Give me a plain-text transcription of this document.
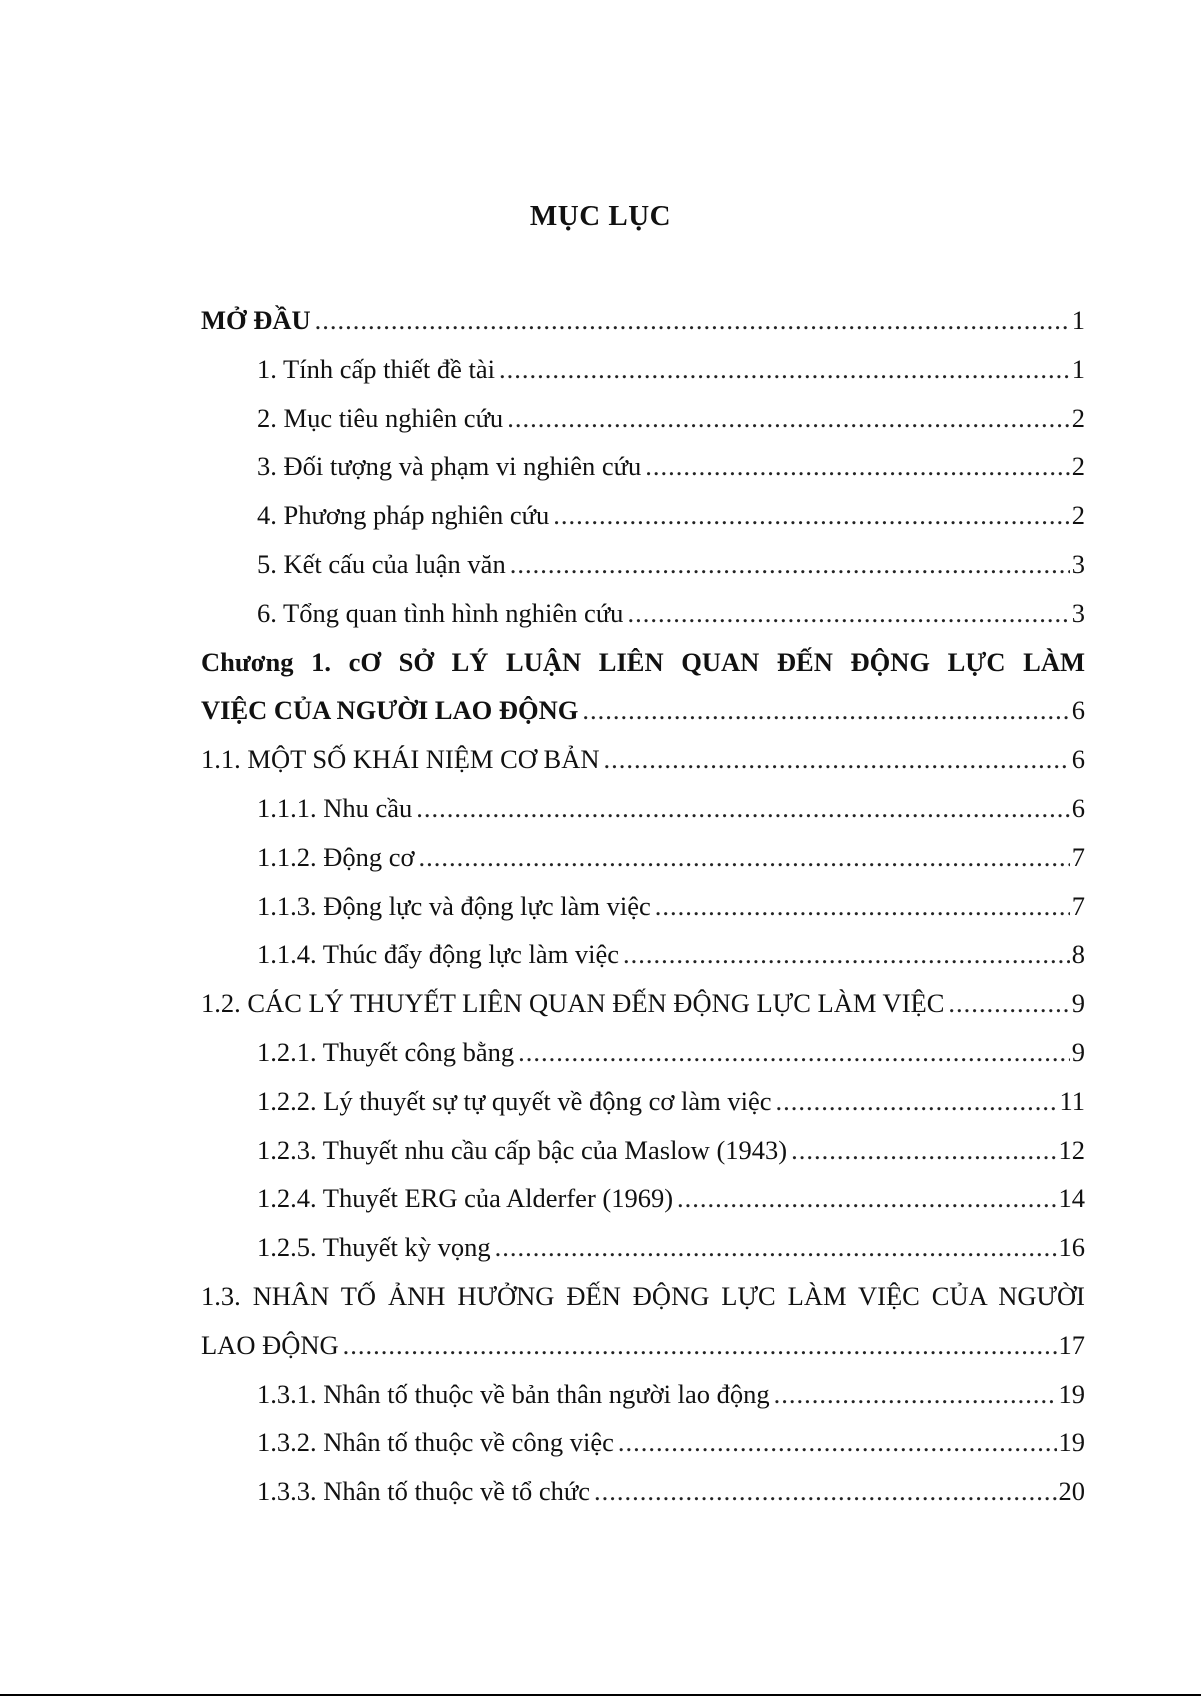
MỤC LỤC
MỞ ĐẦU .....	1
1. Tính cấp thiết đề tài .....	1
2. Mục tiêu nghiên cứu .....	2
3. Đối tượng và phạm vi nghiên cứu .....	2
4. Phương pháp nghiên cứu .....	2
5. Kết cấu của luận văn .....	3
6. Tổng quan tình hình nghiên cứu .....	3
Chương 1. cƠ SỞ LÝ LUẬN LIÊN QUAN ĐẾN ĐỘNG LỰC LÀM
VIỆC CỦA NGƯỜI LAO ĐỘNG .....	6
1.1. MỘT SỐ KHÁI NIỆM CƠ BẢN .....	6
1.1.1. Nhu cầu .....	6
1.1.2. Động cơ .....	7
1.1.3. Động lực và động lực làm việc .....	7
1.1.4. Thúc đẩy động lực làm việc .....	8
1.2. CÁC LÝ THUYẾT LIÊN QUAN ĐẾN ĐỘNG LỰC LÀM VIỆC .....	9
1.2.1. Thuyết công bằng .....	9
1.2.2. Lý thuyết sự tự quyết về động cơ làm việc .....	11
1.2.3. Thuyết nhu cầu cấp bậc của Maslow (1943) .....	12
1.2.4. Thuyết ERG của Alderfer (1969) .....	14
1.2.5. Thuyết kỳ vọng .....	16
1.3. NHÂN TỐ ẢNH HƯỞNG ĐẾN ĐỘNG LỰC LÀM VIỆC CỦA NGƯỜI
LAO ĐỘNG .....	17
1.3.1. Nhân tố thuộc về bản thân người lao động .....	19
1.3.2. Nhân tố thuộc về công việc .....	19
1.3.3. Nhân tố thuộc về tổ chức .....	20
